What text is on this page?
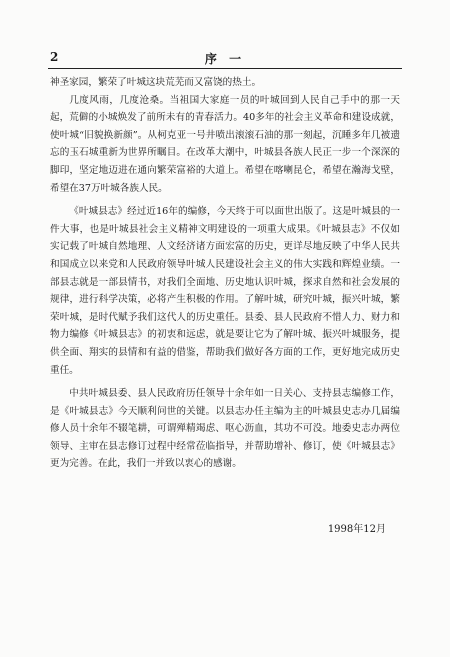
2	序 一

神圣家园，繁荣了叶城这块荒芜而又富饶的热土。

几度风雨，几度沧桑。当祖国大家庭一员的叶城回到人民自己手中的那一天起，荒僻的小城焕发了前所未有的青春活力。40多年的社会主义革命和建设成就，使叶城“旧貌换新颜”。从柯克亚一号井喷出滚滚石油的那一刻起，沉睡多年几被遗忘的玉石城重新为世界所瞩目。在改革大潮中，叶城县各族人民正一步一个深深的脚印，坚定地迈进在通向繁荣富裕的大道上。希望在喀喇昆仑，希望在瀚海戈壁，希望在37万叶城各族人民。

《叶城县志》经过近16年的编修，今天终于可以面世出版了。这是叶城县的一件大事，也是叶城县社会主义精神文明建设的一项重大成果。《叶城县志》不仅如实记载了叶城自然地理、人文经济诸方面宏富的历史，更详尽地反映了中华人民共和国成立以来党和人民政府领导叶城人民建设社会主义的伟大实践和辉煌业绩。一部县志就是一部县情书，对我们全面地、历史地认识叶城，探求自然和社会发展的规律，进行科学决策，必将产生积极的作用。了解叶城，研究叶城，振兴叶城，繁荣叶城，是时代赋予我们这代人的历史重任。县委、县人民政府不惜人力、财力和物力编修《叶城县志》的初衷和远虑，就是要让它为了解叶城、振兴叶城服务，提供全面、翔实的县情和有益的借鉴，帮助我们做好各方面的工作，更好地完成历史重任。

中共叶城县委、县人民政府历任领导十余年如一日关心、支持县志编修工作，是《叶城县志》今天顺利问世的关键。以县志办任主编为主的叶城县史志办几届编修人员十余年不辍笔耕，可谓殚精竭虑、呕心沥血，其功不可没。地委史志办两位领导、主审在县志修订过程中经常莅临指导，并帮助增补、修订，使《叶城县志》更为完善。在此，我们一并致以衷心的感谢。

1998年12月
